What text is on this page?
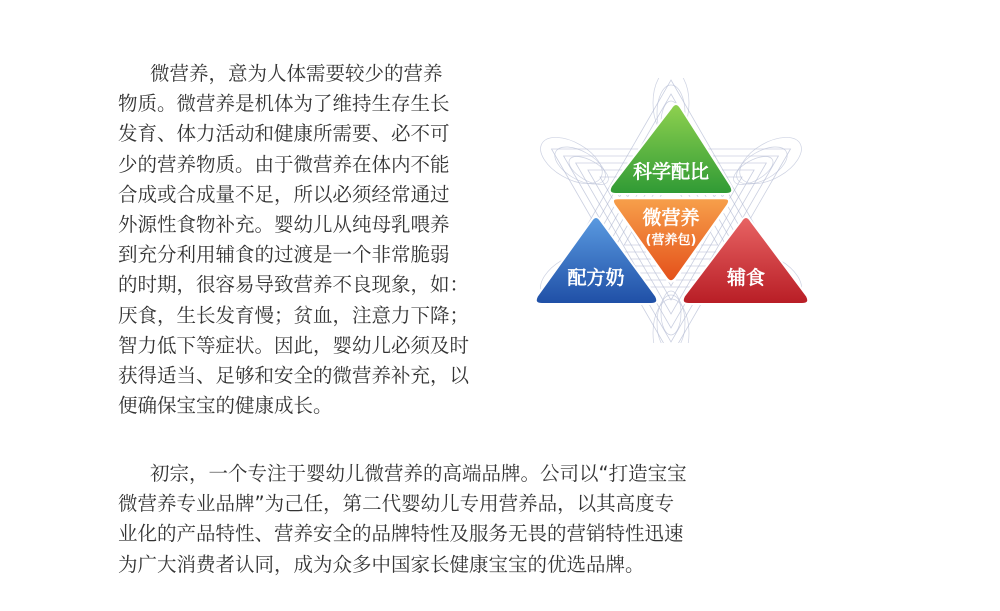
微营养，意为人体需要较少的营养
物质。微营养是机体为了维持生存生长
发育、体力活动和健康所需要、必不可
少的营养物质。由于微营养在体内不能
合成或合成量不足，所以必须经常通过
外源性食物补充。婴幼儿从纯母乳喂养
到充分利用辅食的过渡是一个非常脆弱
的时期，很容易导致营养不良现象，如：
厌食，生长发育慢；贫血，注意力下降；
智力低下等症状。因此，婴幼儿必须及时
获得适当、足够和安全的微营养补充，以
便确保宝宝的健康成长。
初宗，一个专注于婴幼儿微营养的高端品牌。公司以“打造宝宝
微营养专业品牌”为己任，第二代婴幼儿专用营养品，以其高度专
业化的产品特性、营养安全的品牌特性及服务无畏的营销特性迅速
为广大消费者认同，成为众多中国家长健康宝宝的优选品牌。
科学配比
配方奶	辅食
微营养
(营养包)
